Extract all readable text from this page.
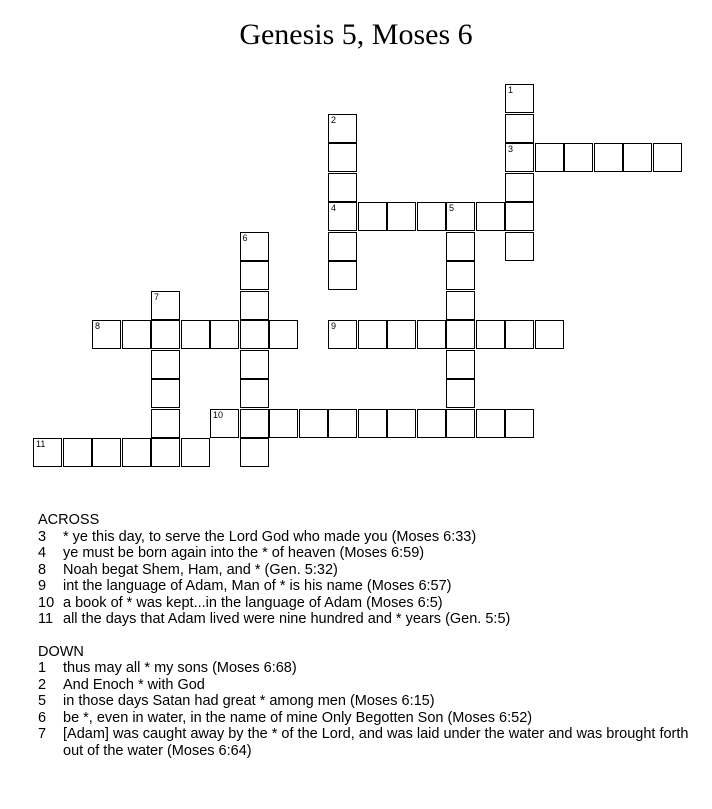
Genesis 5, Moses 6
3
4	5
8	9
10
11
1
2
6
7
ACROSS
3	* ye this day, to serve the Lord God who made you (Moses 6:33)
4	ye must be born again into the * of heaven (Moses 6:59)
8	Noah begat Shem, Ham, and * (Gen. 5:32)
9	int the language of Adam, Man of * is his name (Moses 6:57)
10 a book of * was kept...in the language of Adam (Moses 6:5)
11 all the days that Adam lived were nine hundred and * years (Gen. 5:5)
DOWN
1	thus may all * my sons (Moses 6:68)
2	And Enoch * with God
5	in those days Satan had great * among men (Moses 6:15)
6	be *, even in water, in the name of mine Only Begotten Son (Moses 6:52)
7	[Adam] was caught away by the * of the Lord, and was laid under the water and was brought forth out of the water (Moses 6:64)
